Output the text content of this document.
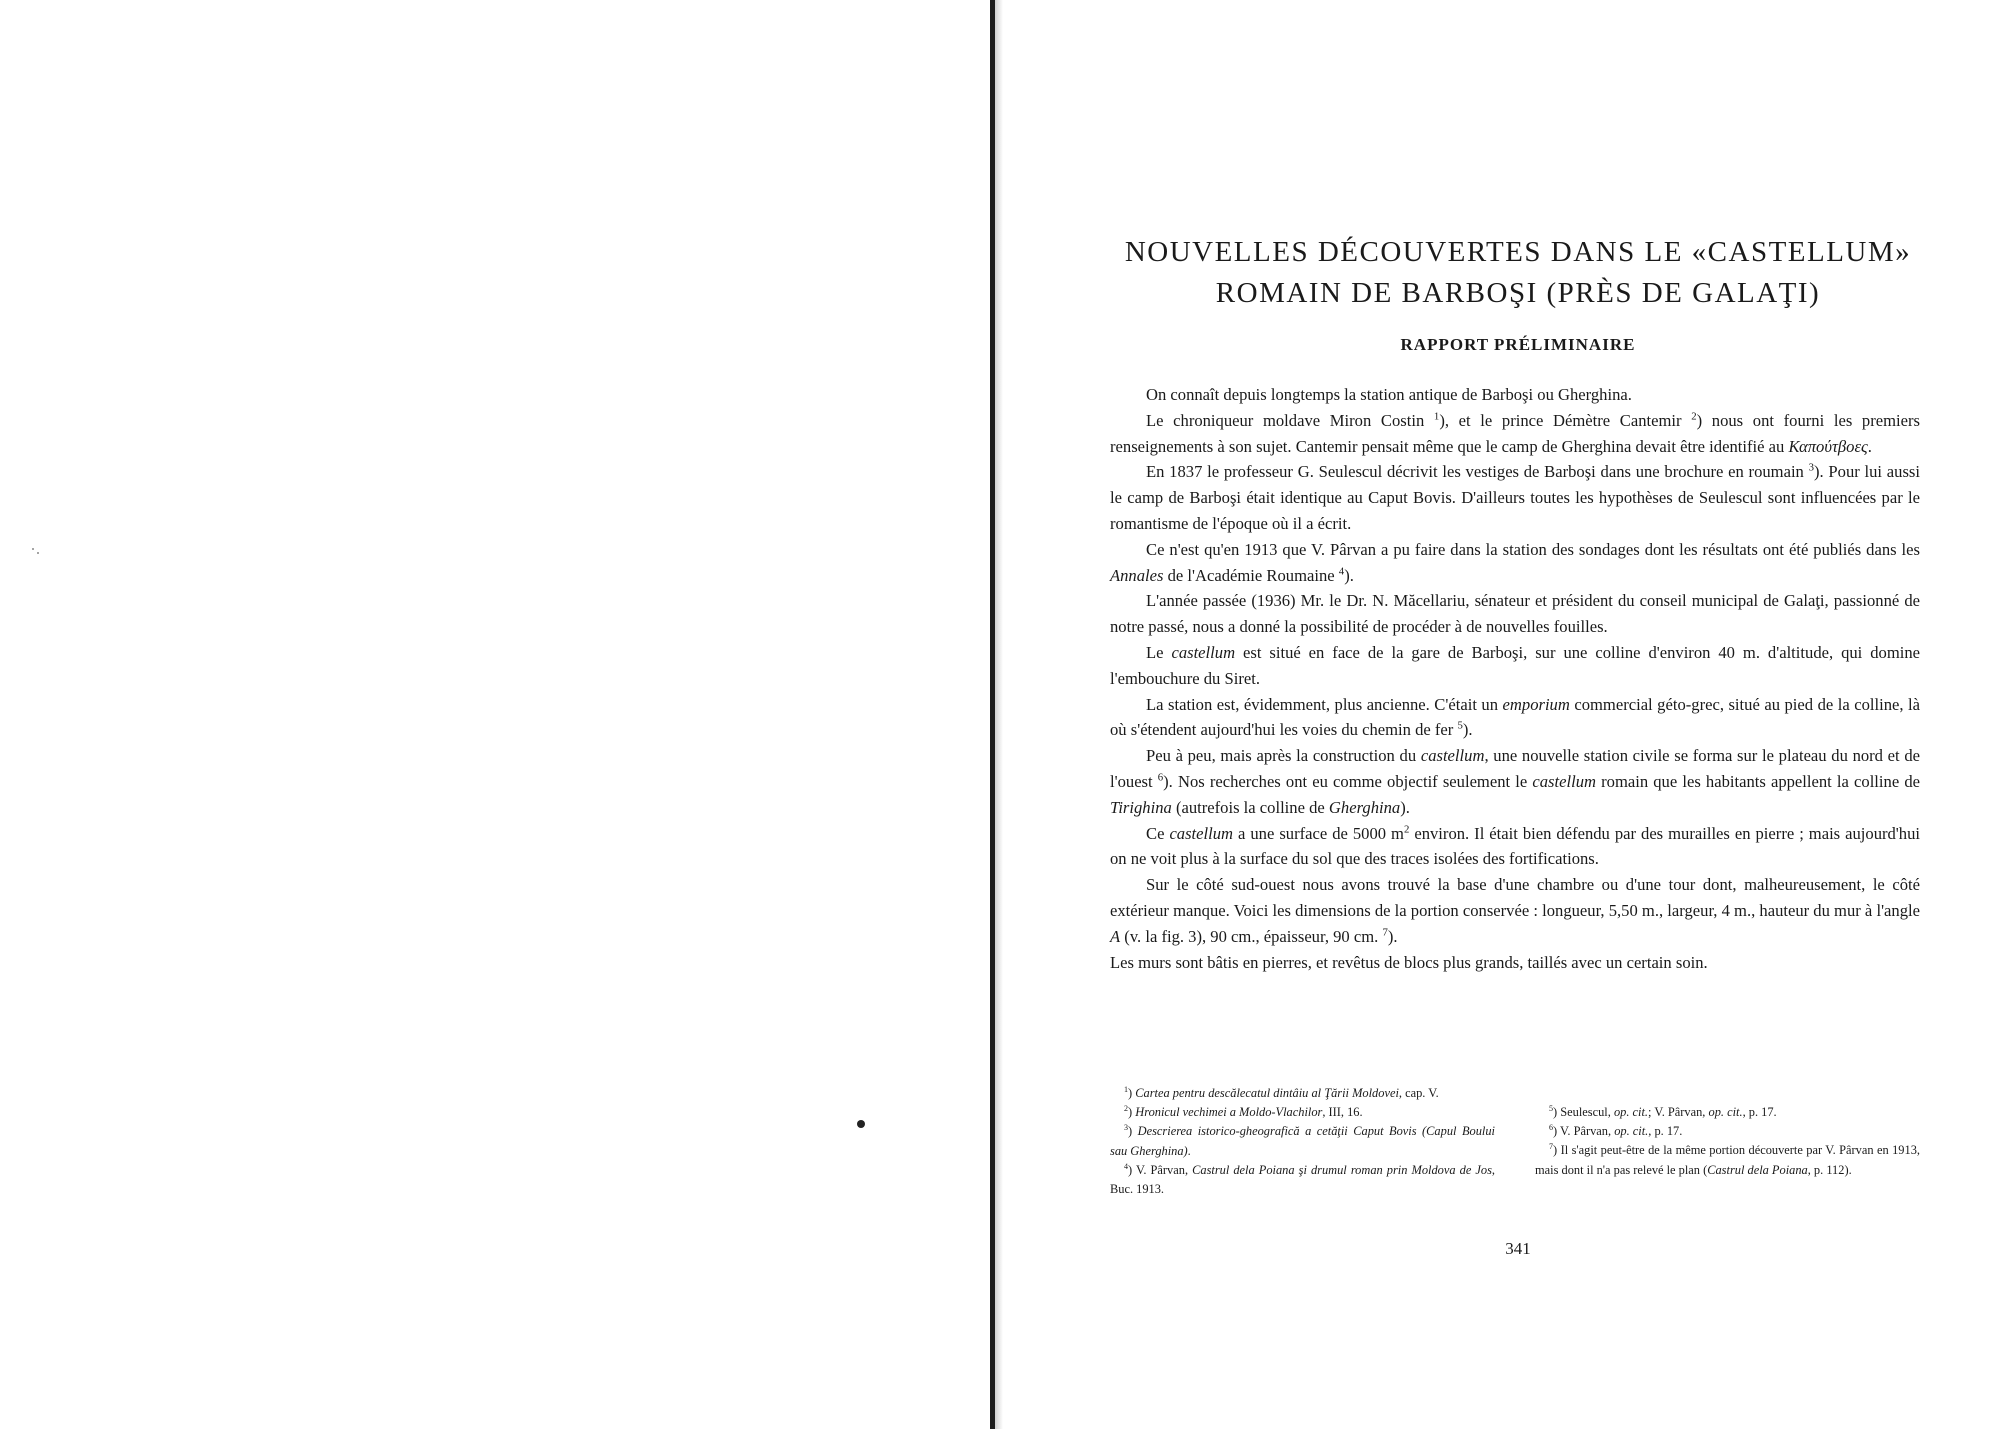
NOUVELLES DÉCOUVERTES DANS LE «CASTELLUM»
ROMAIN DE BARBOŞI (PRÈS DE GALAŢI)
RAPPORT PRÉLIMINAIRE

On connaît depuis longtemps la station antique de Barboşi ou Gherghina.

Le chroniqueur moldave Miron Costin $^1$), et le prince Démètre Cantemir $^2$) nous ont fourni les premiers renseignements à son sujet. Cantemir pensait même que le camp de Gherghina devait être identifié au Καπούτβοες.

En 1837 le professeur G. Seulescul décrivit les vestiges de Barboşi dans une brochure en roumain $^3$). Pour lui aussi le camp de Barboşi était identique au Caput Bovis. D'ailleurs toutes les hypothèses de Seulescul sont influencées par le romantisme de l'époque où il a écrit.

Ce n'est qu'en 1913 que V. Pârvan a pu faire dans la station des sondages dont les résultats ont été publiés dans les Annales de l'Académie Roumaine $^4$).

L'année passée (1936) Mr. le Dr. N. Măcellariu, sénateur et président du conseil municipal de Galaţi, passionné de notre passé, nous a donné la possibilité de procéder à de nouvelles fouilles.

Le castellum est situé en face de la gare de Barboşi, sur une colline d'environ 40 m. d'altitude, qui domine l'embouchure du Siret.

La station est, évidemment, plus ancienne. C'était un emporium commercial géto-grec, situé au pied de la colline, là où s'étendent aujourd'hui les voies du chemin de fer $^5$).

Peu à peu, mais après la construction du castellum, une nouvelle station civile se forma sur le plateau du nord et de l'ouest $^6$). Nos recherches ont eu comme objectif seulement le castellum romain que les habitants appellent la colline de Tirighina (autrefois la colline de Gherghina).

Ce castellum a une surface de 5000 $m^2$ environ. Il était bien défendu par des murailles en pierre ; mais aujourd'hui on ne voit plus à la surface du sol que des traces isolées des fortifications.

Sur le côté sud-ouest nous avons trouvé la base d'une chambre ou d'une tour dont, malheureusement, le côté extérieur manque. Voici les dimensions de la portion conservée : longueur, 5,50 m., largeur, 4 m., hauteur du mur à l'angle A (v. la fig. 3), 90 cm., épaisseur, 90 cm. $^7$).

Les murs sont bâtis en pierres, et revêtus de blocs plus grands, taillés avec un certain soin.

$^1$) Cartea pentru descălecatul dintâiu al Ţării Moldovei, cap. V.

$^2$) Hronicul vechimei a Moldo-Vlachilor, III, 16.

$^3$) Descrierea istorico-gheografică a cetăţii Caput Bovis (Capul Boului sau Gherghina).

$^4$) V. Pârvan, Castrul dela Poiana şi drumul roman prin Moldova de Jos, Buc. 1913.

$^5$) Seulescul, op. cit.; V. Pârvan, op. cit., p. 17.

$^6$) V. Pârvan, op. cit., p. 17.

$^7$) Il s'agit peut-être de la même portion découverte par V. Pârvan en 1913, mais dont il n'a pas relevé le plan (Castrul dela Poiana, p. 112).

341
